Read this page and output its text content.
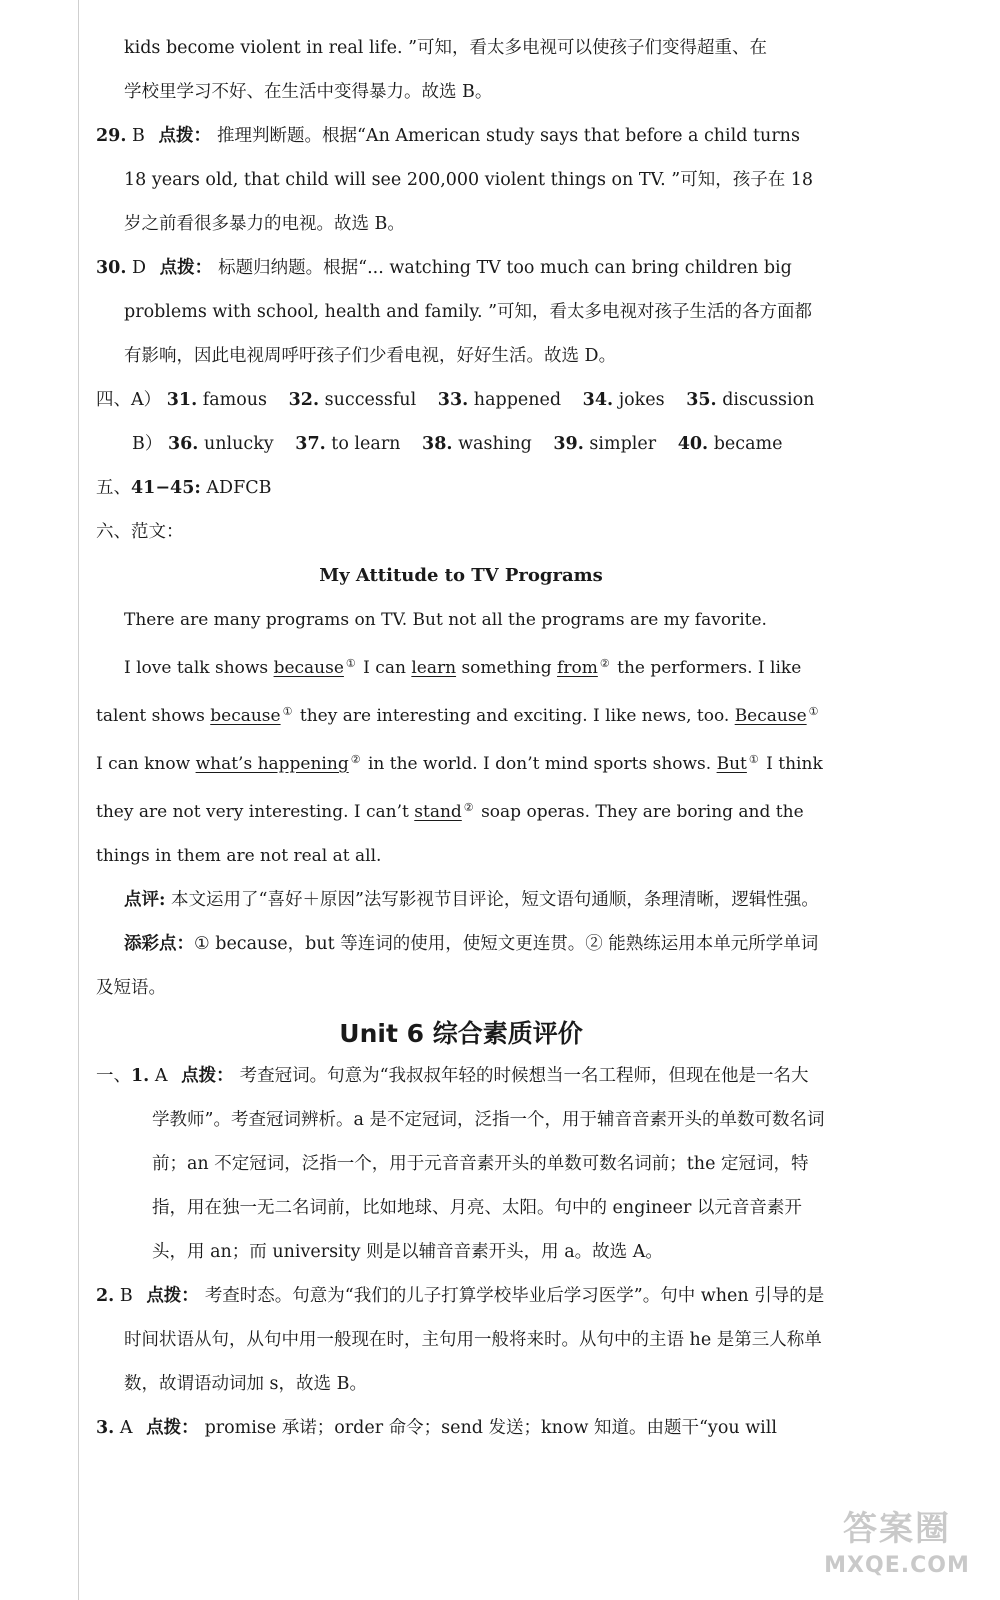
kids become violent in real life. ”可知，看太多电视可以使孩子们变得超重、在
学校里学习不好、在生活中变得暴力。故选 B。

29. B 点拨： 推理判断题。根据“An American study says that before a child turns 18 years old, that child will see 200,000 violent things on TV. ”可知，孩子在 18 岁之前看很多暴力的电视。故选 B。

30. D 点拨： 标题归纳题。根据“... watching TV too much can bring children big problems with school, health and family. ”可知，看太多电视对孩子生活的各方面都有影响，因此电视周呼吁孩子们少看电视，好好生活。故选 D。

四、A） 31. famous 32. successful 33. happened 34. jokes 35. discussion

B） 36. unlucky 37. to learn 38. washing 39. simpler 40. became

五、41−45: ADFCB

六、范文：

My Attitude to TV Programs

There are many programs on TV. But not all the programs are my favorite.

I love talk shows because ① I can learn something from ② the performers. I like talent shows because ① they are interesting and exciting. I like news, too. Because ① I can know what’s happening ② in the world. I don’t mind sports shows. But ① I think they are not very interesting. I can’t stand ② soap operas. They are boring and the things in them are not real at all.

点评: 本文运用了“喜好＋原因”法写影视节目评论，短文语句通顺，条理清晰，逻辑性强。

添彩点：① because，but 等连词的使用，使短文更连贯。② 能熟练运用本单元所学单词及短语。

Unit 6 综合素质评价

一、1. A 点拨： 考查冠词。句意为“我叔叔年轻的时候想当一名工程师，但现在他是一名大学教师”。考查冠词辨析。a 是不定冠词，泛指一个，用于辅音音素开头的单数可数名词前；an 不定冠词，泛指一个，用于元音音素开头的单数可数名词前；the 定冠词，特指，用在独一无二名词前，比如地球、月亮、太阳。句中的 engineer 以元音音素开头，用 an；而 university 则是以辅音音素开头，用 a。故选 A。

2. B 点拨： 考查时态。句意为“我们的儿子打算学校毕业后学习医学”。句中 when 引导的是时间状语从句，从句中用一般现在时，主句用一般将来时。从句中的主语 he 是第三人称单数，故谓语动词加 s，故选 B。

3. A 点拨： promise 承诺；order 命令；send 发送；know 知道。由题干“you will

答案圈
MXQE.COM
